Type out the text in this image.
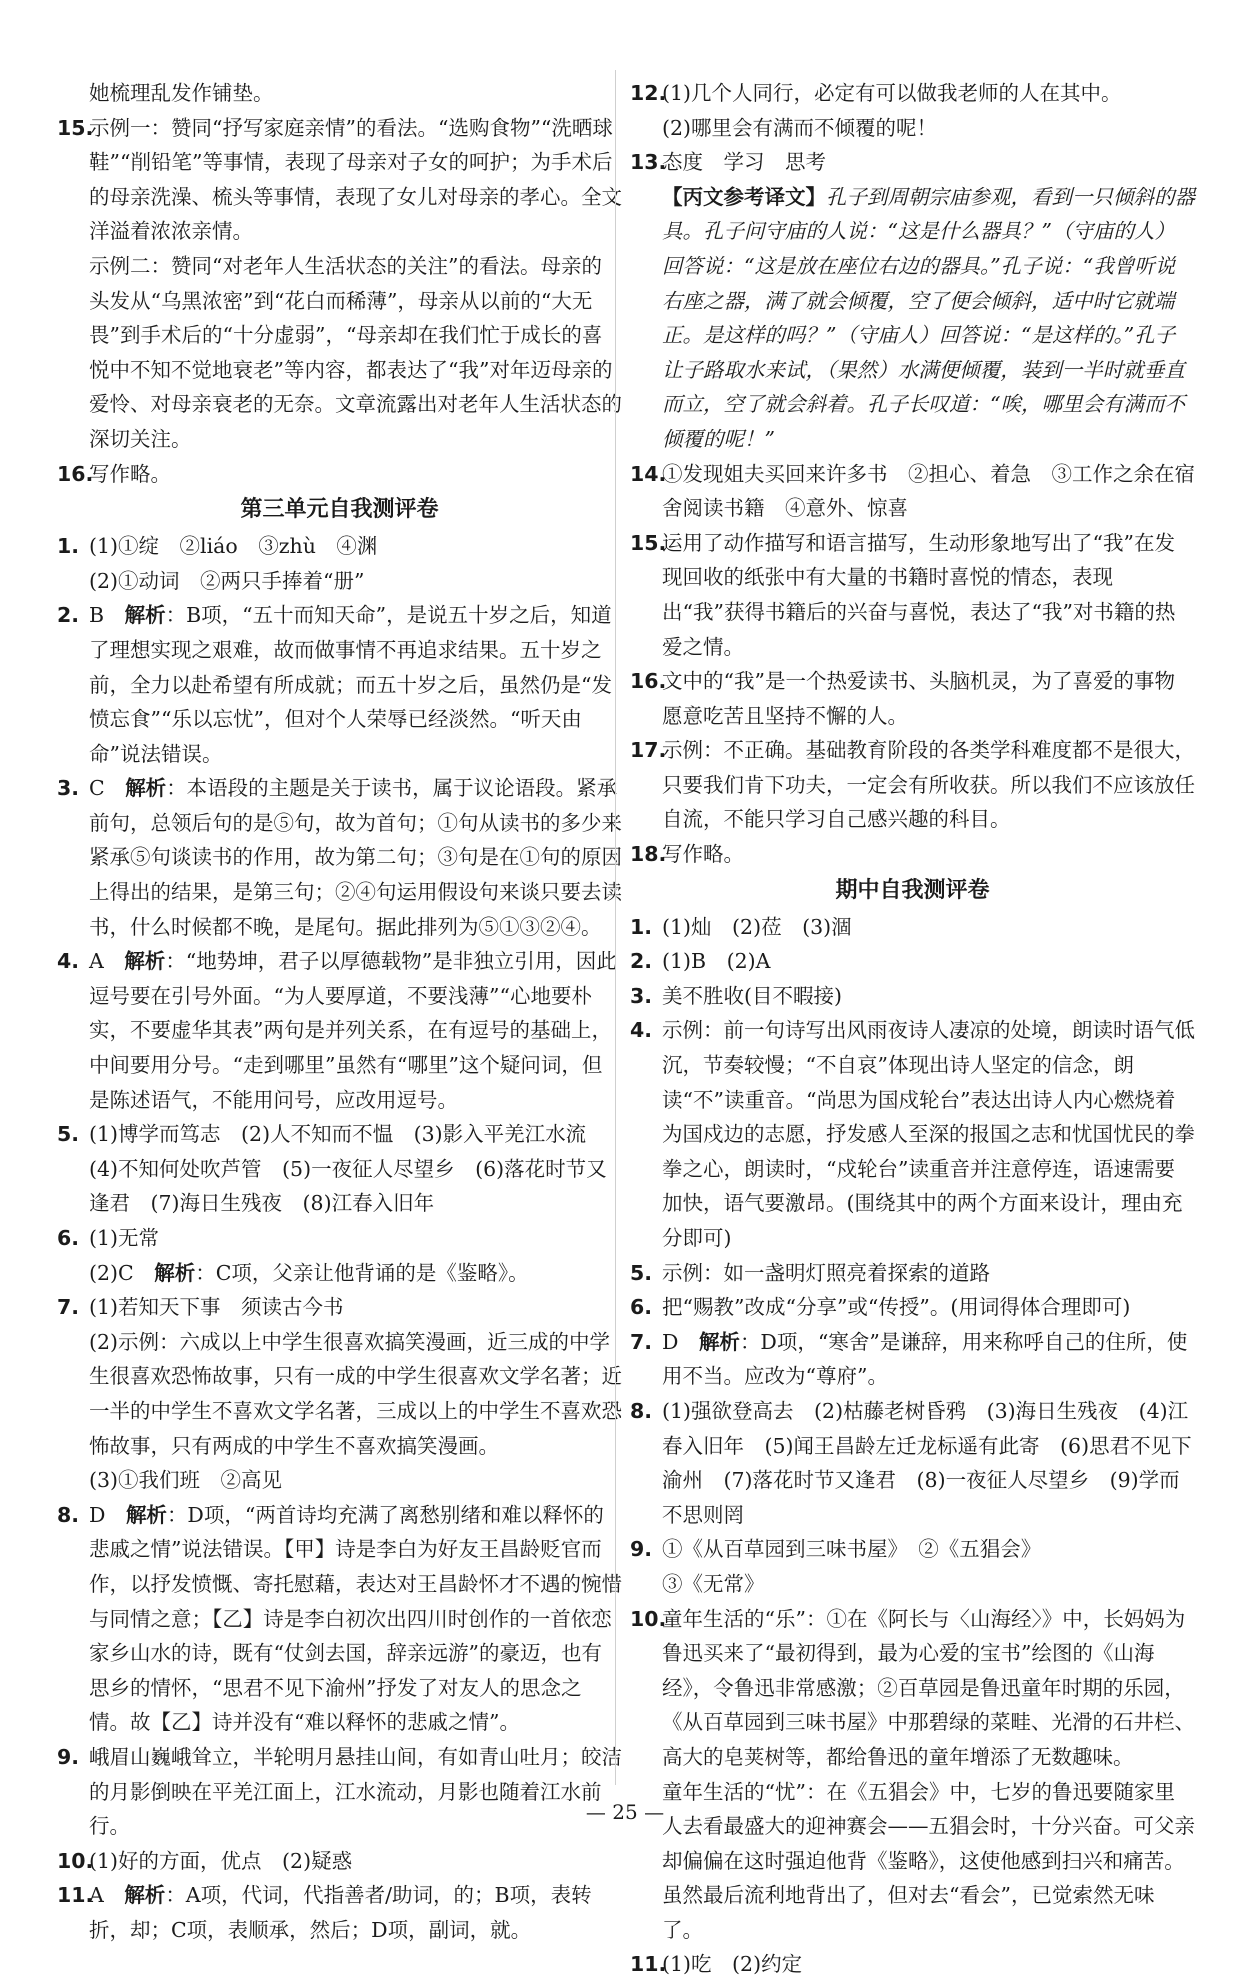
她梳理乱发作铺垫。

15.示例一：赞同“抒写家庭亲情”的看法。“选购食物”“洗晒球鞋”“削铅笔”等事情，表现了母亲对子女的呵护；为手术后的母亲洗澡、梳头等事情，表现了女儿对母亲的孝心。全文洋溢着浓浓亲情。

示例二：赞同“对老年人生活状态的关注”的看法。母亲的头发从“乌黑浓密”到“花白而稀薄”，母亲从以前的“大无畏”到手术后的“十分虚弱”，“母亲却在我们忙于成长的喜悦中不知不觉地衰老”等内容，都表达了“我”对年迈母亲的爱怜、对母亲衰老的无奈。文章流露出对老年人生活状态的深切关注。

16.写作略。

第三单元自我测评卷

1. (1)①绽　②liáo　③zhù　④渊

(2)①动词　②两只手捧着“册”

2. B　解析：B项，“五十而知天命”，是说五十岁之后，知道了理想实现之艰难，故而做事情不再追求结果。五十岁之前，全力以赴希望有所成就；而五十岁之后，虽然仍是“发愤忘食”“乐以忘忧”，但对个人荣辱已经淡然。“听天由命”说法错误。

3. C　解析：本语段的主题是关于读书，属于议论语段。紧承前句，总领后句的是⑤句，故为首句；①句从读书的多少来紧承⑤句谈读书的作用，故为第二句；③句是在①句的原因上得出的结果，是第三句；②④句运用假设句来谈只要去读书，什么时候都不晚，是尾句。据此排列为⑤①③②④。

4. A　解析：“地势坤，君子以厚德载物”是非独立引用，因此逗号要在引号外面。“为人要厚道，不要浅薄”“心地要朴实，不要虚华其表”两句是并列关系，在有逗号的基础上，中间要用分号。“走到哪里”虽然有“哪里”这个疑问词，但是陈述语气，不能用问号，应改用逗号。

5. (1)博学而笃志　(2)人不知而不愠　(3)影入平羌江水流　(4)不知何处吹芦管　(5)一夜征人尽望乡　(6)落花时节又逢君　(7)海日生残夜　(8)江春入旧年

6. (1)无常

(2)C　解析：C项，父亲让他背诵的是《鉴略》。

7. (1)若知天下事　须读古今书

(2)示例：六成以上中学生很喜欢搞笑漫画，近三成的中学生很喜欢恐怖故事，只有一成的中学生很喜欢文学名著；近一半的中学生不喜欢文学名著，三成以上的中学生不喜欢恐怖故事，只有两成的中学生不喜欢搞笑漫画。

(3)①我们班　②高见

8. D　解析：D项，“两首诗均充满了离愁别绪和难以释怀的悲戚之情”说法错误。【甲】诗是李白为好友王昌龄贬官而作，以抒发愤慨、寄托慰藉，表达对王昌龄怀才不遇的惋惜与同情之意；【乙】诗是李白初次出四川时创作的一首依恋家乡山水的诗，既有“仗剑去国，辞亲远游”的豪迈，也有思乡的情怀，“思君不见下渝州”抒发了对友人的思念之情。故【乙】诗并没有“难以释怀的悲戚之情”。

9. 峨眉山巍峨耸立，半轮明月悬挂山间，有如青山吐月；皎洁的月影倒映在平羌江面上，江水流动，月影也随着江水前行。

10.(1)好的方面，优点　(2)疑惑

11.A　解析：A项，代词，代指善者/助词，的；B项，表转折，却；C项，表顺承，然后；D项，副词，就。

12.(1)几个人同行，必定有可以做我老师的人在其中。

(2)哪里会有满而不倾覆的呢！

13.态度　学习　思考

【丙文参考译文】孔子到周朝宗庙参观，看到一只倾斜的器具。孔子问守庙的人说：“这是什么器具？”（守庙的人）回答说：“这是放在座位右边的器具。”孔子说：“我曾听说右座之器，满了就会倾覆，空了便会倾斜，适中时它就端正。是这样的吗？”（守庙人）回答说：“是这样的。”孔子让子路取水来试，（果然）水满便倾覆，装到一半时就垂直而立，空了就会斜着。孔子长叹道：“唉，哪里会有满而不倾覆的呢！”

14.①发现姐夫买回来许多书　②担心、着急　③工作之余在宿舍阅读书籍　④意外、惊喜

15.运用了动作描写和语言描写，生动形象地写出了“我”在发现回收的纸张中有大量的书籍时喜悦的情态，表现出“我”获得书籍后的兴奋与喜悦，表达了“我”对书籍的热爱之情。

16.文中的“我”是一个热爱读书、头脑机灵，为了喜爱的事物愿意吃苦且坚持不懈的人。

17.示例：不正确。基础教育阶段的各类学科难度都不是很大，只要我们肯下功夫，一定会有所收获。所以我们不应该放任自流，不能只学习自己感兴趣的科目。

18.写作略。

期中自我测评卷

1. (1)灿　(2)莅　(3)涸

2. (1)B　(2)A

3. 美不胜收(目不暇接)

4. 示例：前一句诗写出风雨夜诗人凄凉的处境，朗读时语气低沉，节奏较慢；“不自哀”体现出诗人坚定的信念，朗读“不”读重音。“尚思为国戍轮台”表达出诗人内心燃烧着为国戍边的志愿，抒发感人至深的报国之志和忧国忧民的拳拳之心，朗读时，“戍轮台”读重音并注意停连，语速需要加快，语气要激昂。(围绕其中的两个方面来设计，理由充分即可)

5. 示例：如一盏明灯照亮着探索的道路

6. 把“赐教”改成“分享”或“传授”。(用词得体合理即可)

7. D　解析：D项，“寒舍”是谦辞，用来称呼自己的住所，使用不当。应改为“尊府”。

8. (1)强欲登高去　(2)枯藤老树昏鸦　(3)海日生残夜　(4)江春入旧年　(5)闻王昌龄左迁龙标遥有此寄　(6)思君不见下渝州　(7)落花时节又逢君　(8)一夜征人尽望乡　(9)学而不思则罔

9. ①《从百草园到三味书屋》　②《五猖会》

③《无常》

10.童年生活的“乐”：①在《阿长与〈山海经〉》中，长妈妈为鲁迅买来了“最初得到，最为心爱的宝书”绘图的《山海经》，令鲁迅非常感激；②百草园是鲁迅童年时期的乐园，《从百草园到三味书屋》中那碧绿的菜畦、光滑的石井栏、高大的皂荚树等，都给鲁迅的童年增添了无数趣味。

童年生活的“忧”：在《五猖会》中，七岁的鲁迅要随家里人去看最盛大的迎神赛会——五猖会时，十分兴奋。可父亲却偏偏在这时强迫他背《鉴略》，这使他感到扫兴和痛苦。虽然最后流利地背出了，但对去“看会”，已觉索然无味了。

11.(1)吃　(2)约定

— 25 —
